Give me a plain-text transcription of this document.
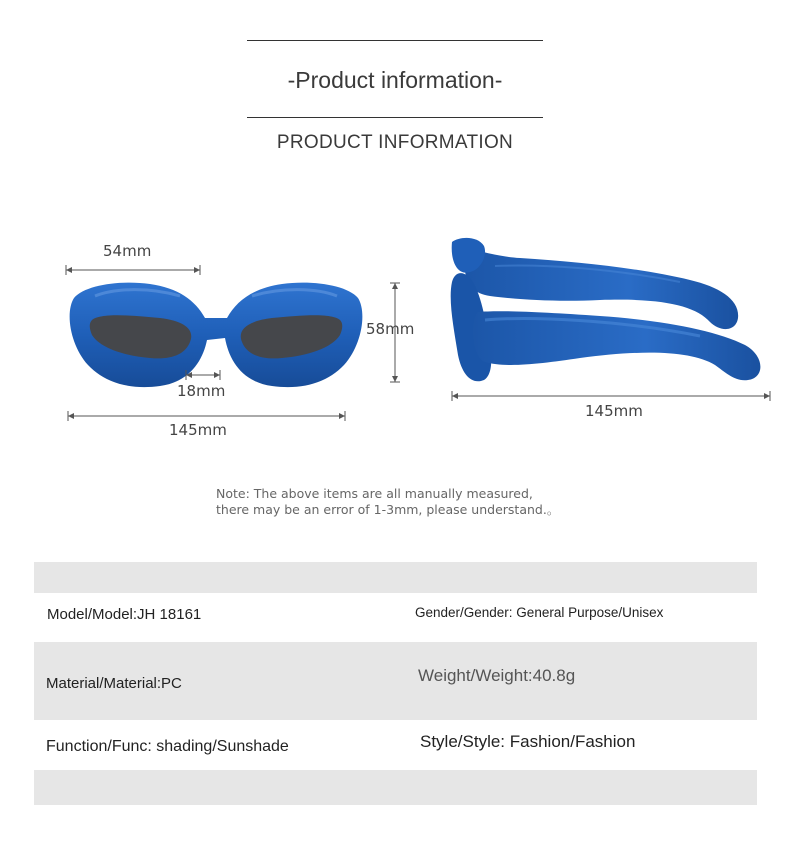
-Product information-
PRODUCT INFORMATION
54mm
18mm
145mm
58mm
145mm
Note: The above items are all manually measured,
there may be an error of 1-3mm, please understand.。
Model/Model:JH 18161	Gender/Gender: General Purpose/Unisex
Material/Material:PC	Weight/Weight:40.8g
Function/Func: shading/Sunshade	Style/Style: Fashion/Fashion
